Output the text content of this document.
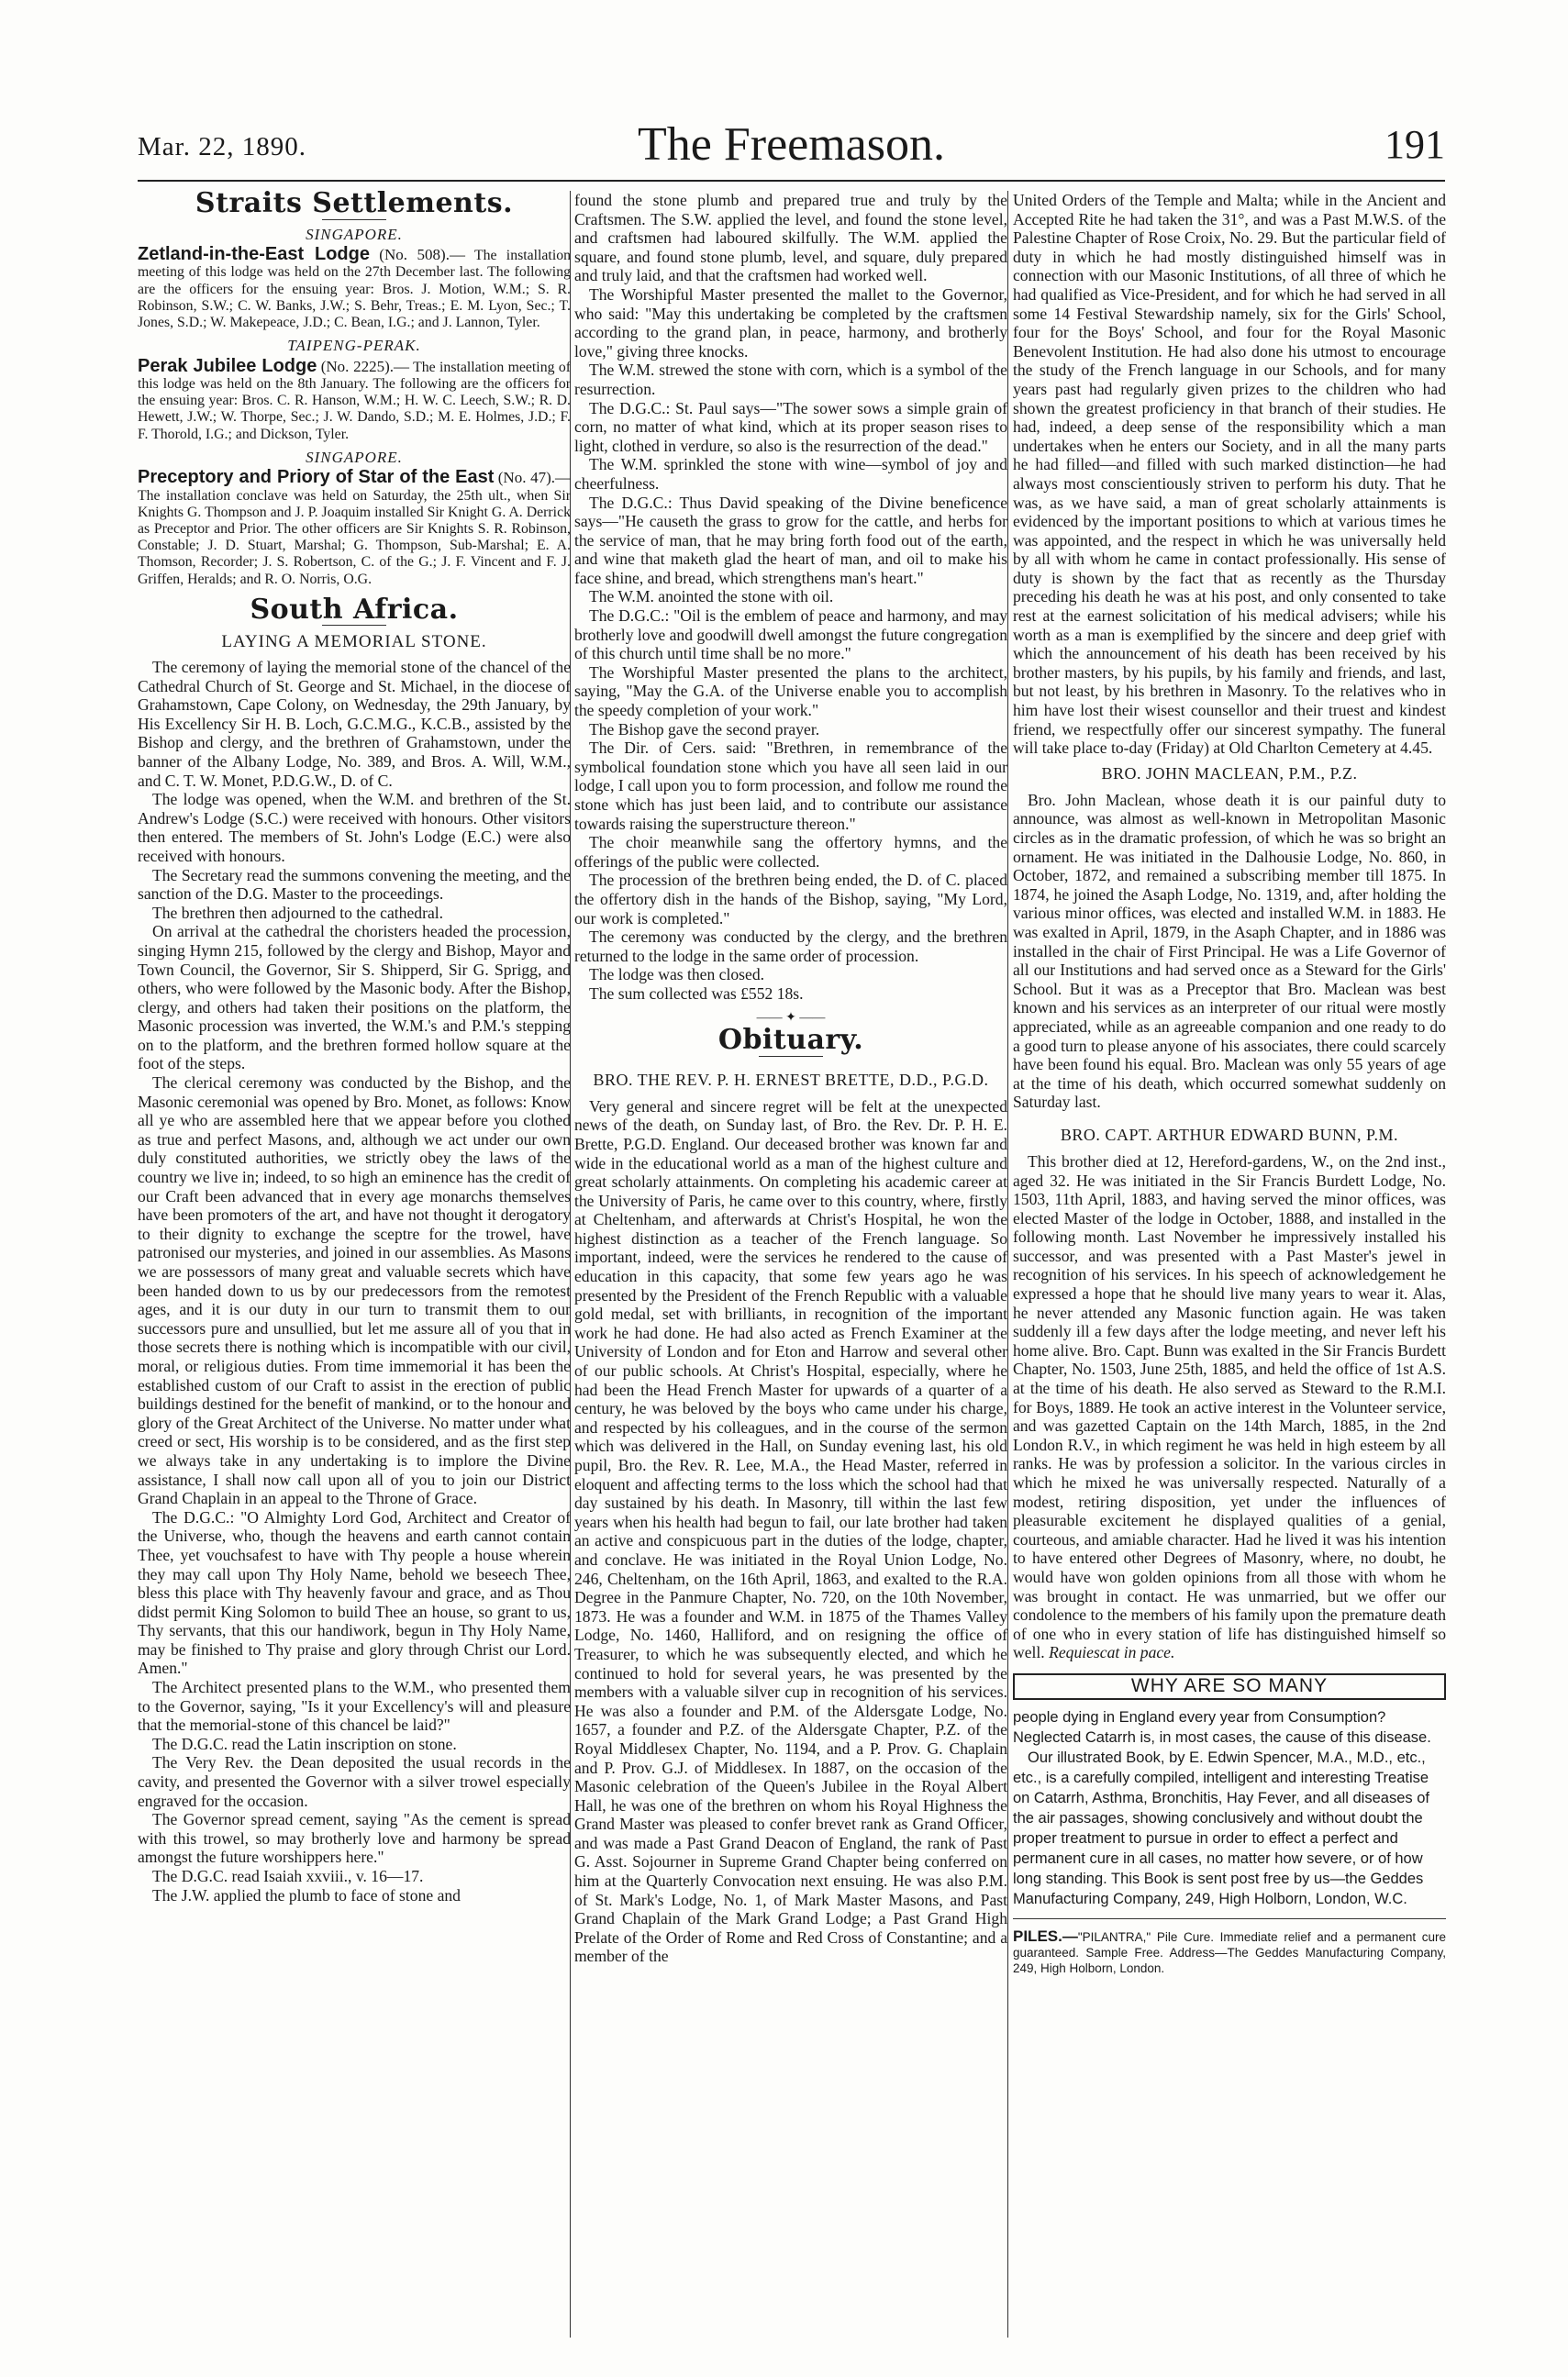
Mar. 22, 1890.	The Freemason.	191
Straits Settlements.
SINGAPORE.

Zetland-in-the-East Lodge (No. 508).— The installation meeting of this lodge was held on the 27th December last. The following are the officers for the ensuing year: Bros. J. Motion, W.M.; S. R. Robinson, S.W.; C. W. Banks, J.W.; S. Behr, Treas.; E. M. Lyon, Sec.; T. Jones, S.D.; W. Makepeace, J.D.; C. Bean, I.G.; and J. Lannon, Tyler.

TAIPENG-PERAK.

Perak Jubilee Lodge (No. 2225).— The installation meeting of this lodge was held on the 8th January. The following are the officers for the ensuing year: Bros. C. R. Hanson, W.M.; H. W. C. Leech, S.W.; R. D. Hewett, J.W.; W. Thorpe, Sec.; J. W. Dando, S.D.; M. E. Holmes, J.D.; F. F. Thorold, I.G.; and Dickson, Tyler.

SINGAPORE.

Preceptory and Priory of Star of the East (No. 47).— The installation conclave was held on Saturday, the 25th ult., when Sir Knights G. Thompson and J. P. Joaquim installed Sir Knight G. A. Derrick as Preceptor and Prior. The other officers are Sir Knights S. R. Robinson, Constable; J. D. Stuart, Marshal; G. Thompson, Sub-Marshal; E. A. Thomson, Recorder; J. S. Robertson, C. of the G.; J. F. Vincent and F. J. Griffen, Heralds; and R. O. Norris, O.G.

South Africa.
LAYING A MEMORIAL STONE.

The ceremony of laying the memorial stone of the chancel of the Cathedral Church of St. George and St. Michael, in the diocese of Grahamstown, Cape Colony, on Wednesday, the 29th January, by His Excellency Sir H. B. Loch, G.C.M.G., K.C.B., assisted by the Bishop and clergy, and the brethren of Grahamstown, under the banner of the Albany Lodge, No. 389, and Bros. A. Will, W.M., and C. T. W. Monet, P.D.G.W., D. of C.

The lodge was opened, when the W.M. and brethren of the St. Andrew's Lodge (S.C.) were received with honours. Other visitors then entered. The members of St. John's Lodge (E.C.) were also received with honours.

The Secretary read the summons convening the meeting, and the sanction of the D.G. Master to the proceedings.

The brethren then adjourned to the cathedral.

On arrival at the cathedral the choristers headed the procession, singing Hymn 215, followed by the clergy and Bishop, Mayor and Town Council, the Governor, Sir S. Shipperd, Sir G. Sprigg, and others, who were followed by the Masonic body. After the Bishop, clergy, and others had taken their positions on the platform, the Masonic procession was inverted, the W.M.'s and P.M.'s stepping on to the platform, and the brethren formed hollow square at the foot of the steps.

The clerical ceremony was conducted by the Bishop, and the Masonic ceremonial was opened by Bro. Monet, as follows: Know all ye who are assembled here that we appear before you clothed as true and perfect Masons, and, although we act under our own duly constituted authorities, we strictly obey the laws of the country we live in; indeed, to so high an eminence has the credit of our Craft been advanced that in every age monarchs themselves have been promoters of the art, and have not thought it derogatory to their dignity to exchange the sceptre for the trowel, have patronised our mysteries, and joined in our assemblies. As Masons we are possessors of many great and valuable secrets which have been handed down to us by our predecessors from the remotest ages, and it is our duty in our turn to transmit them to our successors pure and unsullied, but let me assure all of you that in those secrets there is nothing which is incompatible with our civil, moral, or religious duties. From time immemorial it has been the established custom of our Craft to assist in the erection of public buildings destined for the benefit of mankind, or to the honour and glory of the Great Architect of the Universe. No matter under what creed or sect, His worship is to be considered, and as the first step we always take in any undertaking is to implore the Divine assistance, I shall now call upon all of you to join our District Grand Chaplain in an appeal to the Throne of Grace.

The D.G.C.: "O Almighty Lord God, Architect and Creator of the Universe, who, though the heavens and earth cannot contain Thee, yet vouchsafest to have with Thy people a house wherein they may call upon Thy Holy Name, behold we beseech Thee, bless this place with Thy heavenly favour and grace, and as Thou didst permit King Solomon to build Thee an house, so grant to us, Thy servants, that this our handiwork, begun in Thy Holy Name, may be finished to Thy praise and glory through Christ our Lord. Amen."

The Architect presented plans to the W.M., who presented them to the Governor, saying, "Is it your Excellency's will and pleasure that the memorial-stone of this chancel be laid?"

The D.G.C. read the Latin inscription on stone.

The Very Rev. the Dean deposited the usual records in the cavity, and presented the Governor with a silver trowel especially engraved for the occasion.

The Governor spread cement, saying "As the cement is spread with this trowel, so may brotherly love and harmony be spread amongst the future worshippers here."

The D.G.C. read Isaiah xxviii., v. 16—17.

The J.W. applied the plumb to face of stone and

found the stone plumb and prepared true and truly by the Craftsmen. The S.W. applied the level, and found the stone level, and craftsmen had laboured skilfully. The W.M. applied the square, and found stone plumb, level, and square, duly prepared and truly laid, and that the craftsmen had worked well.

The Worshipful Master presented the mallet to the Governor, who said: "May this undertaking be completed by the craftsmen according to the grand plan, in peace, harmony, and brotherly love," giving three knocks.

The W.M. strewed the stone with corn, which is a symbol of the resurrection.

The D.G.C.: St. Paul says—"The sower sows a simple grain of corn, no matter of what kind, which at its proper season rises to light, clothed in verdure, so also is the resurrection of the dead."

The W.M. sprinkled the stone with wine—symbol of joy and cheerfulness.

The D.G.C.: Thus David speaking of the Divine beneficence says—"He causeth the grass to grow for the cattle, and herbs for the service of man, that he may bring forth food out of the earth, and wine that maketh glad the heart of man, and oil to make his face shine, and bread, which strengthens man's heart."

The W.M. anointed the stone with oil.

The D.G.C.: "Oil is the emblem of peace and harmony, and may brotherly love and goodwill dwell amongst the future congregation of this church until time shall be no more."

The Worshipful Master presented the plans to the architect, saying, "May the G.A. of the Universe enable you to accomplish the speedy completion of your work."

The Bishop gave the second prayer.

The Dir. of Cers. said: "Brethren, in remembrance of the symbolical foundation stone which you have all seen laid in our lodge, I call upon you to form procession, and follow me round the stone which has just been laid, and to contribute our assistance towards raising the superstructure thereon."

The choir meanwhile sang the offertory hymns, and the offerings of the public were collected.

The procession of the brethren being ended, the D. of C. placed the offertory dish in the hands of the Bishop, saying, "My Lord, our work is completed."

The ceremony was conducted by the clergy, and the brethren returned to the lodge in the same order of procession.

The lodge was then closed.

The sum collected was £552 18s.

—— ✦ ——
Obituary.
BRO. THE REV. P. H. ERNEST BRETTE, D.D., P.G.D.

Very general and sincere regret will be felt at the unexpected news of the death, on Sunday last, of Bro. the Rev. Dr. P. H. E. Brette, P.G.D. England. Our deceased brother was known far and wide in the educational world as a man of the highest culture and great scholarly attainments. On completing his academic career at the University of Paris, he came over to this country, where, firstly at Cheltenham, and afterwards at Christ's Hospital, he won the highest distinction as a teacher of the French language. So important, indeed, were the services he rendered to the cause of education in this capacity, that some few years ago he was presented by the President of the French Republic with a valuable gold medal, set with brilliants, in recognition of the important work he had done. He had also acted as French Examiner at the University of London and for Eton and Harrow and several other of our public schools. At Christ's Hospital, especially, where he had been the Head French Master for upwards of a quarter of a century, he was beloved by the boys who came under his charge, and respected by his colleagues, and in the course of the sermon which was delivered in the Hall, on Sunday evening last, his old pupil, Bro. the Rev. R. Lee, M.A., the Head Master, referred in eloquent and affecting terms to the loss which the school had that day sustained by his death. In Masonry, till within the last few years when his health had begun to fail, our late brother had taken an active and conspicuous part in the duties of the lodge, chapter, and conclave. He was initiated in the Royal Union Lodge, No. 246, Cheltenham, on the 16th April, 1863, and exalted to the R.A. Degree in the Panmure Chapter, No. 720, on the 10th November, 1873. He was a founder and W.M. in 1875 of the Thames Valley Lodge, No. 1460, Halliford, and on resigning the office of Treasurer, to which he was subsequently elected, and which he continued to hold for several years, he was presented by the members with a valuable silver cup in recognition of his services. He was also a founder and P.M. of the Aldersgate Lodge, No. 1657, a founder and P.Z. of the Aldersgate Chapter, P.Z. of the Royal Middlesex Chapter, No. 1194, and a P. Prov. G. Chaplain and P. Prov. G.J. of Middlesex. In 1887, on the occasion of the Masonic celebration of the Queen's Jubilee in the Royal Albert Hall, he was one of the brethren on whom his Royal Highness the Grand Master was pleased to confer brevet rank as Grand Officer, and was made a Past Grand Deacon of England, the rank of Past G. Asst. Sojourner in Supreme Grand Chapter being conferred on him at the Quarterly Convocation next ensuing. He was also P.M. of St. Mark's Lodge, No. 1, of Mark Master Masons, and Past Grand Chaplain of the Mark Grand Lodge; a Past Grand High Prelate of the Order of Rome and Red Cross of Constantine; and a member of the

United Orders of the Temple and Malta; while in the Ancient and Accepted Rite he had taken the 31°, and was a Past M.W.S. of the Palestine Chapter of Rose Croix, No. 29. But the particular field of duty in which he had mostly distinguished himself was in connection with our Masonic Institutions, of all three of which he had qualified as Vice-President, and for which he had served in all some 14 Festival Stewardship namely, six for the Girls' School, four for the Boys' School, and four for the Royal Masonic Benevolent Institution. He had also done his utmost to encourage the study of the French language in our Schools, and for many years past had regularly given prizes to the children who had shown the greatest proficiency in that branch of their studies. He had, indeed, a deep sense of the responsibility which a man undertakes when he enters our Society, and in all the many parts he had filled—and filled with such marked distinction—he had always most conscientiously striven to perform his duty. That he was, as we have said, a man of great scholarly attainments is evidenced by the important positions to which at various times he was appointed, and the respect in which he was universally held by all with whom he came in contact professionally. His sense of duty is shown by the fact that as recently as the Thursday preceding his death he was at his post, and only consented to take rest at the earnest solicitation of his medical advisers; while his worth as a man is exemplified by the sincere and deep grief with which the announcement of his death has been received by his brother masters, by his pupils, by his family and friends, and last, but not least, by his brethren in Masonry. To the relatives who in him have lost their wisest counsellor and their truest and kindest friend, we respectfully offer our sincerest sympathy. The funeral will take place to-day (Friday) at Old Charlton Cemetery at 4.45.

BRO. JOHN MACLEAN, P.M., P.Z.

Bro. John Maclean, whose death it is our painful duty to announce, was almost as well-known in Metropolitan Masonic circles as in the dramatic profession, of which he was so bright an ornament. He was initiated in the Dalhousie Lodge, No. 860, in October, 1872, and remained a subscribing member till 1875. In 1874, he joined the Asaph Lodge, No. 1319, and, after holding the various minor offices, was elected and installed W.M. in 1883. He was exalted in April, 1879, in the Asaph Chapter, and in 1886 was installed in the chair of First Principal. He was a Life Governor of all our Institutions and had served once as a Steward for the Girls' School. But it was as a Preceptor that Bro. Maclean was best known and his services as an interpreter of our ritual were mostly appreciated, while as an agreeable companion and one ready to do a good turn to please anyone of his associates, there could scarcely have been found his equal. Bro. Maclean was only 55 years of age at the time of his death, which occurred somewhat suddenly on Saturday last.

BRO. CAPT. ARTHUR EDWARD BUNN, P.M.

This brother died at 12, Hereford-gardens, W., on the 2nd inst., aged 32. He was initiated in the Sir Francis Burdett Lodge, No. 1503, 11th April, 1883, and having served the minor offices, was elected Master of the lodge in October, 1888, and installed in the following month. Last November he impressively installed his successor, and was presented with a Past Master's jewel in recognition of his services. In his speech of acknowledgement he expressed a hope that he should live many years to wear it. Alas, he never attended any Masonic function again. He was taken suddenly ill a few days after the lodge meeting, and never left his home alive. Bro. Capt. Bunn was exalted in the Sir Francis Burdett Chapter, No. 1503, June 25th, 1885, and held the office of 1st A.S. at the time of his death. He also served as Steward to the R.M.I. for Boys, 1889. He took an active interest in the Volunteer service, and was gazetted Captain on the 14th March, 1885, in the 2nd London R.V., in which regiment he was held in high esteem by all ranks. He was by profession a solicitor. In the various circles in which he mixed he was universally respected. Naturally of a modest, retiring disposition, yet under the influences of pleasurable excitement he displayed qualities of a genial, courteous, and amiable character. Had he lived it was his intention to have entered other Degrees of Masonry, where, no doubt, he would have won golden opinions from all those with whom he was brought in contact. He was unmarried, but we offer our condolence to the members of his family upon the premature death of one who in every station of life has distinguished himself so well. Requiescat in pace.

WHY ARE SO MANY

people dying in England every year from Consumption? Neglected Catarrh is, in most cases, the cause of this disease.

Our illustrated Book, by E. Edwin Spencer, M.A., M.D., etc., etc., is a carefully compiled, intelligent and interesting Treatise on Catarrh, Asthma, Bronchitis, Hay Fever, and all diseases of the air passages, showing conclusively and without doubt the proper treatment to pursue in order to effect a perfect and permanent cure in all cases, no matter how severe, or of how long standing. This Book is sent post free by us—the Geddes Manufacturing Company, 249, High Holborn, London, W.C.

PILES.—"PILANTRA," Pile Cure. Immediate relief and a permanent cure guaranteed. Sample Free. Address—The Geddes Manufacturing Company, 249, High Holborn, London.
